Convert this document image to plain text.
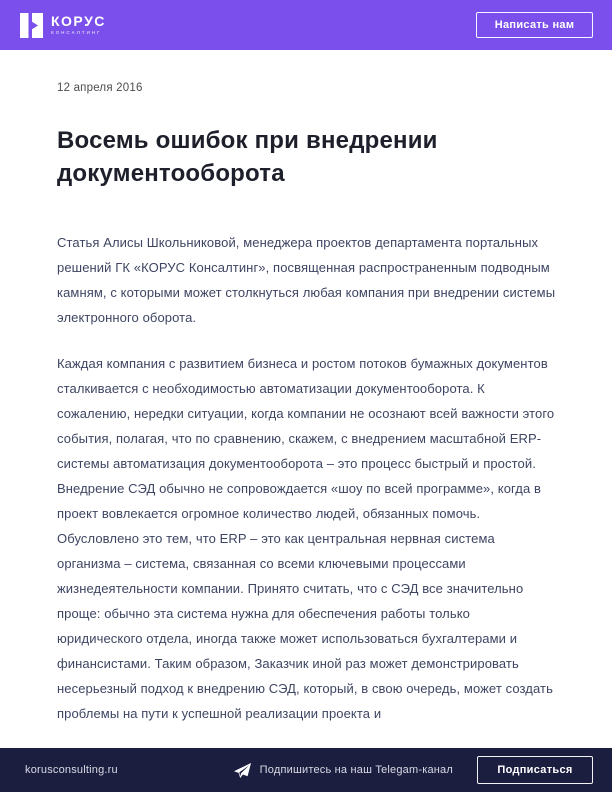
КОРУС
КОНСАЛТИНГ
Написать нам
12 апреля 2016
Восемь ошибок при внедрении документооборота

Статья Алисы Школьниковой, менеджера проектов департамента портальных решений ГК «КОРУС Консалтинг», посвященная распространенным подводным камням, с которыми может столкнуться любая компания при внедрении системы электронного оборота.

Каждая компания с развитием бизнеса и ростом потоков бумажных документов сталкивается с необходимостью автоматизации документооборота. К сожалению, нередки ситуации, когда компании не осознают всей важности этого события, полагая, что по сравнению, скажем, с внедрением масштабной ERP-системы автоматизация документооборота – это процесс быстрый и простой. Внедрение СЭД обычно не сопровождается «шоу по всей программе», когда в проект вовлекается огромное количество людей, обязанных помочь. Обусловлено это тем, что ERP – это как центральная нервная система организма – система, связанная со всеми ключевыми процессами жизнедеятельности компании. Принято считать, что с СЭД все значительно проще: обычно эта система нужна для обеспечения работы только юридического отдела, иногда также может использоваться бухгалтерами и финансистами. Таким образом, Заказчик иной раз может демонстрировать несерьезный подход к внедрению СЭД, который, в свою очередь, может создать проблемы на пути к успешной реализации проекта и

korusconsulting.ru	Подпишитесь на наш Telegam-канал	Подписаться
